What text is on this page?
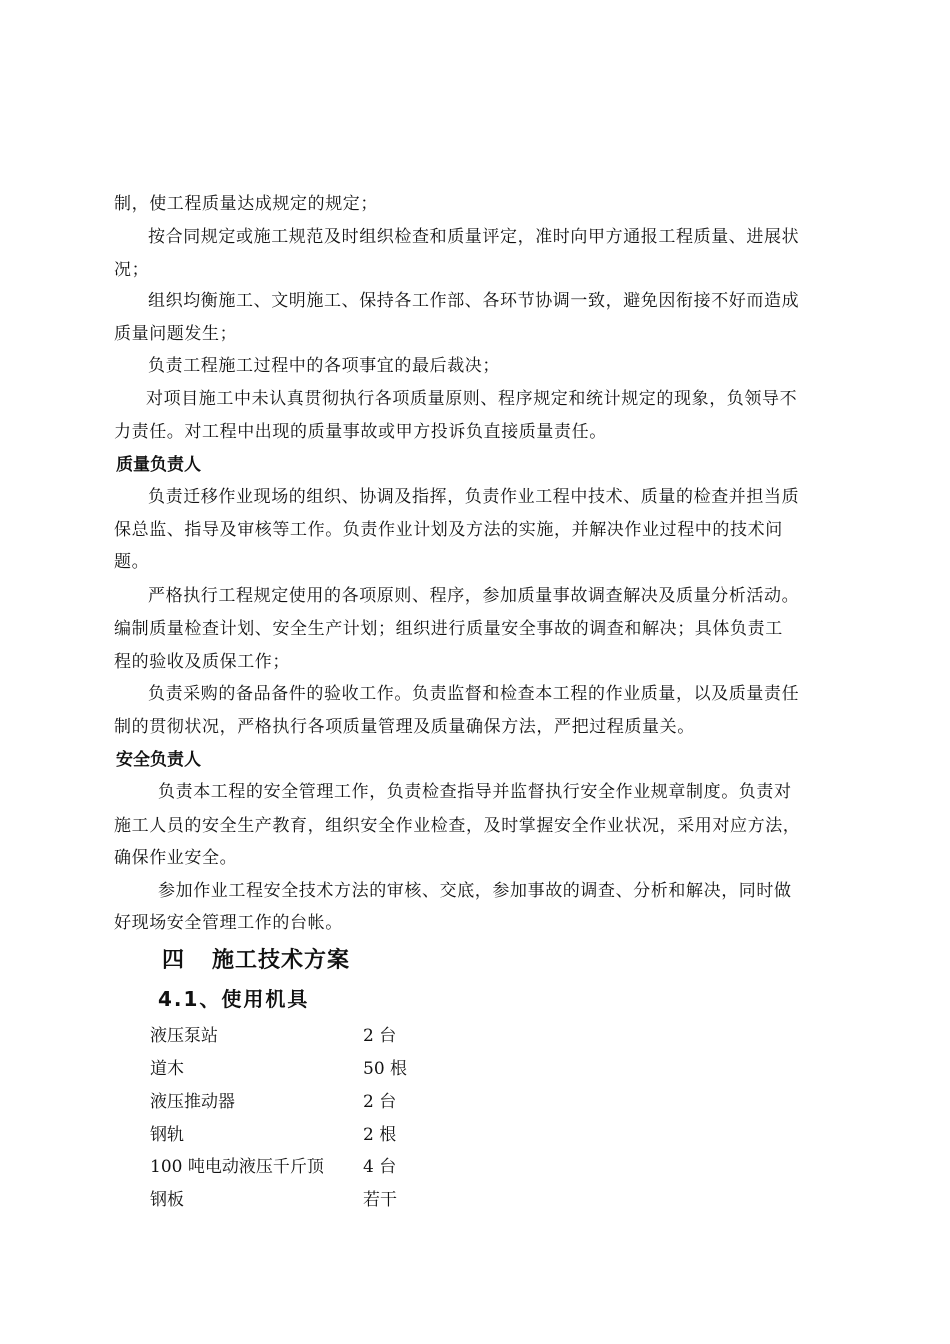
制，使工程质量达成规定的规定；
按合同规定或施工规范及时组织检查和质量评定，准时向甲方通报工程质量、进展状
况；
组织均衡施工、文明施工、保持各工作部、各环节协调一致，避免因衔接不好而造成
质量问题发生；
负责工程施工过程中的各项事宜的最后裁决；
对项目施工中未认真贯彻执行各项质量原则、程序规定和统计规定的现象，负领导不
力责任。对工程中出现的质量事故或甲方投诉负直接质量责任。
质量负责人
负责迁移作业现场的组织、协调及指挥，负责作业工程中技术、质量的检查并担当质
保总监、指导及审核等工作。负责作业计划及方法的实施，并解决作业过程中的技术问
题。
严格执行工程规定使用的各项原则、程序，参加质量事故调查解决及质量分析活动。
编制质量检查计划、安全生产计划；组织进行质量安全事故的调查和解决；具体负责工
程的验收及质保工作；
负责采购的备品备件的验收工作。负责监督和检查本工程的作业质量，以及质量责任
制的贯彻状况，严格执行各项质量管理及质量确保方法，严把过程质量关。
安全负责人
负责本工程的安全管理工作，负责检查指导并监督执行安全作业规章制度。负责对
施工人员的安全生产教育，组织安全作业检查，及时掌握安全作业状况，采用对应方法，
确保作业安全。
参加作业工程安全技术方法的审核、交底，参加事故的调查、分析和解决，同时做
好现场安全管理工作的台帐。
四 施工技术方案
4.1、使用机具
液压泵站	2 台
道木	50 根
液压推动器	2 台
钢轨	2 根
100 吨电动液压千斤顶 4 台
钢板	若干
